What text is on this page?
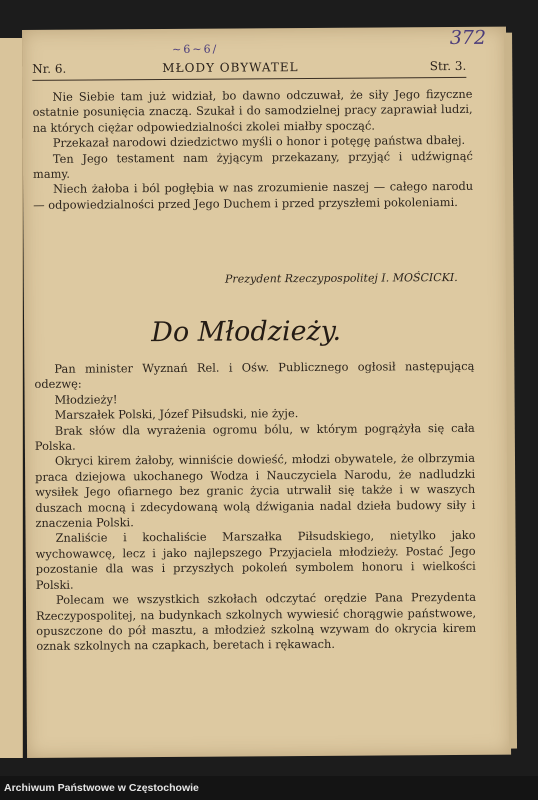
~6~6/
372
Nr. 6.	MŁODY OBYWATEL	Str. 3.

Nie Siebie tam już widział, bo dawno odczuwał, że siły Jego fizyczne ostatnie posunięcia znaczą. Szukał i do samodzielnej pracy zaprawiał ludzi, na których ciężar odpowiedzialności zkolei miałby spocząć.

Przekazał narodowi dziedzictwo myśli o honor i potęgę państwa dbałej.

Ten Jego testament nam żyjącym przekazany, przyjąć i udźwignąć mamy.

Niech żałoba i ból pogłębia w nas zrozumienie naszej — całego narodu — odpowiedzialności przed Jego Duchem i przed przyszłemi pokoleniami.

Prezydent Rzeczypospolitej I. MOŚCICKI.
Do Młodzieży.

Pan minister Wyznań Rel. i Ośw. Publicznego ogłosił następującą odezwę:

Młodzieży!

Marszałek Polski, Józef Piłsudski, nie żyje.

Brak słów dla wyrażenia ogromu bólu, w którym pogrążyła się cała Polska.

Okryci kirem żałoby, winniście dowieść, młodzi obywatele, że olbrzymia praca dziejowa ukochanego Wodza i Nauczyciela Narodu, że nadludzki wysiłek Jego ofiarnego bez granic życia utrwalił się także i w waszych duszach mocną i zdecydowaną wolą dźwigania nadal dzieła budowy siły i znaczenia Polski.

Znaliście i kochaliście Marszałka Piłsudskiego, nietylko jako wychowawcę, lecz i jako najlepszego Przyjaciela młodzieży. Postać Jego pozostanie dla was i przyszłych pokoleń symbolem honoru i wielkości Polski.

Polecam we wszystkich szkołach odczytać orędzie Pana Prezydenta Rzeczypospolitej, na budynkach szkolnych wywiesić chorągwie państwowe, opuszczone do pół masztu, a młodzież szkolną wzywam do okrycia kirem oznak szkolnych na czapkach, beretach i rękawach.

Archiwum Państwowe w Częstochowie
